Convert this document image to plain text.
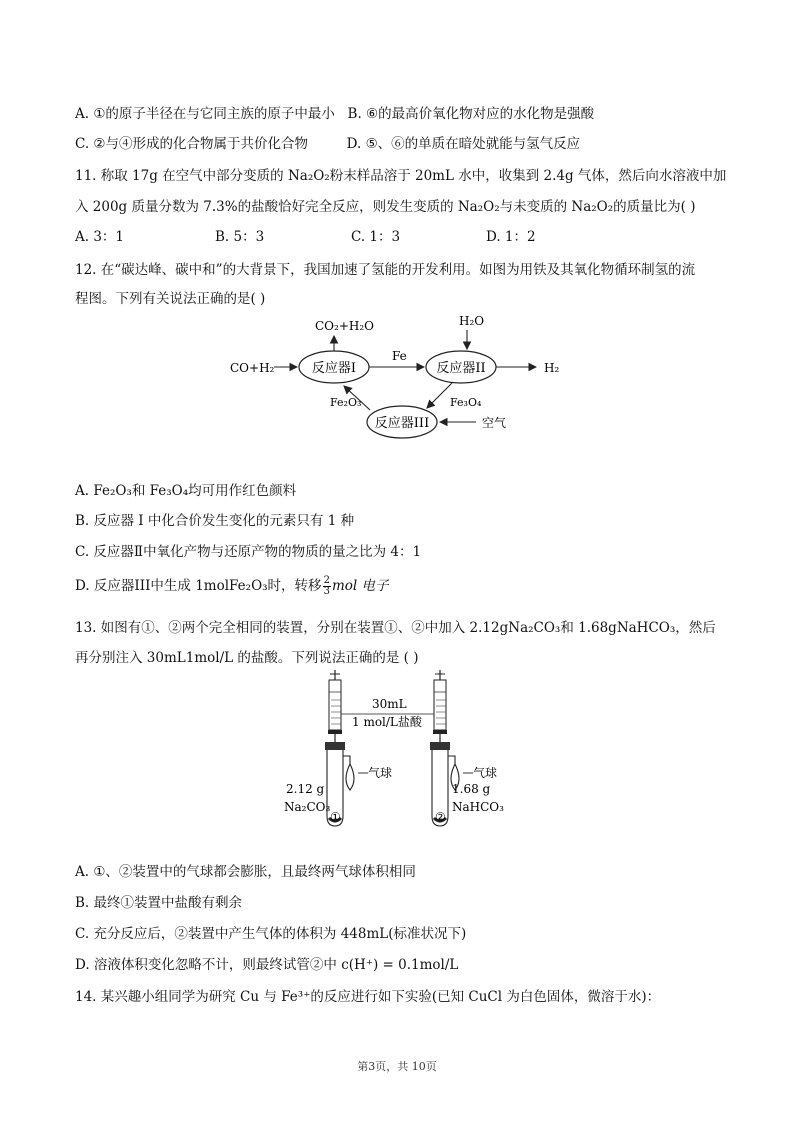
A. ①的原子半径在与它同主族的原子中最小 B. ⑥的最高价氧化物对应的水化物是强酸
C. ②与④形成的化合物属于共价化合物	D. ⑤、⑥的单质在暗处就能与氢气反应
11. 称取 17g 在空气中部分变质的 Na₂O₂粉末样品溶于 20mL 水中，收集到 2.4g 气体，然后向水溶液中加
入 200g 质量分数为 7.3%的盐酸恰好完全反应，则发生变质的 Na₂O₂与未变质的 Na₂O₂的质量比为( )
A. 3：1	B. 5：3	C. 1：3	D. 1：2
12. 在“碳达峰、碳中和”的大背景下，我国加速了氢能的开发利用。如图为用铁及其氧化物循环制氢的流
程图。下列有关说法正确的是( )
反应器I	反应器II
反应器III
CO+H₂
CO₂+H₂O
Fe
H₂O
H₂
Fe₃O₄
Fe₂O₃
空气
A. Fe₂O₃和 Fe₃O₄均可用作红色颜料
B. 反应器 I 中化合价发生变化的元素只有 1 种
C. 反应器Ⅱ中氧化产物与还原产物的物质的量之比为 4：1
D. 反应器III中生成 1molFe₂O₃时，转移 $\frac{2}{3}$ mol 电子
13. 如图有①、②两个完全相同的装置，分别在装置①、②中加入 2.12gNa₂CO₃和 1.68gNaHCO₃，然后
再分别注入 30mL1mol/L 的盐酸。下列说法正确的是 ( )
30mL
1 mol/L盐酸
气球	气球
2.12 g
Na₂CO₃
①
1.68 g
NaHCO₃
②
A. ①、②装置中的气球都会膨胀，且最终两气球体积相同
B. 最终①装置中盐酸有剩余
C. 充分反应后，②装置中产生气体的体积为 448mL(标准状况下)
D. 溶液体积变化忽略不计，则最终试管②中 c(H⁺) = 0.1mol/L
14. 某兴趣小组同学为研究 Cu 与 Fe³⁺的反应进行如下实验(已知 CuCl 为白色固体，微溶于水)：
第3页，共 10页
